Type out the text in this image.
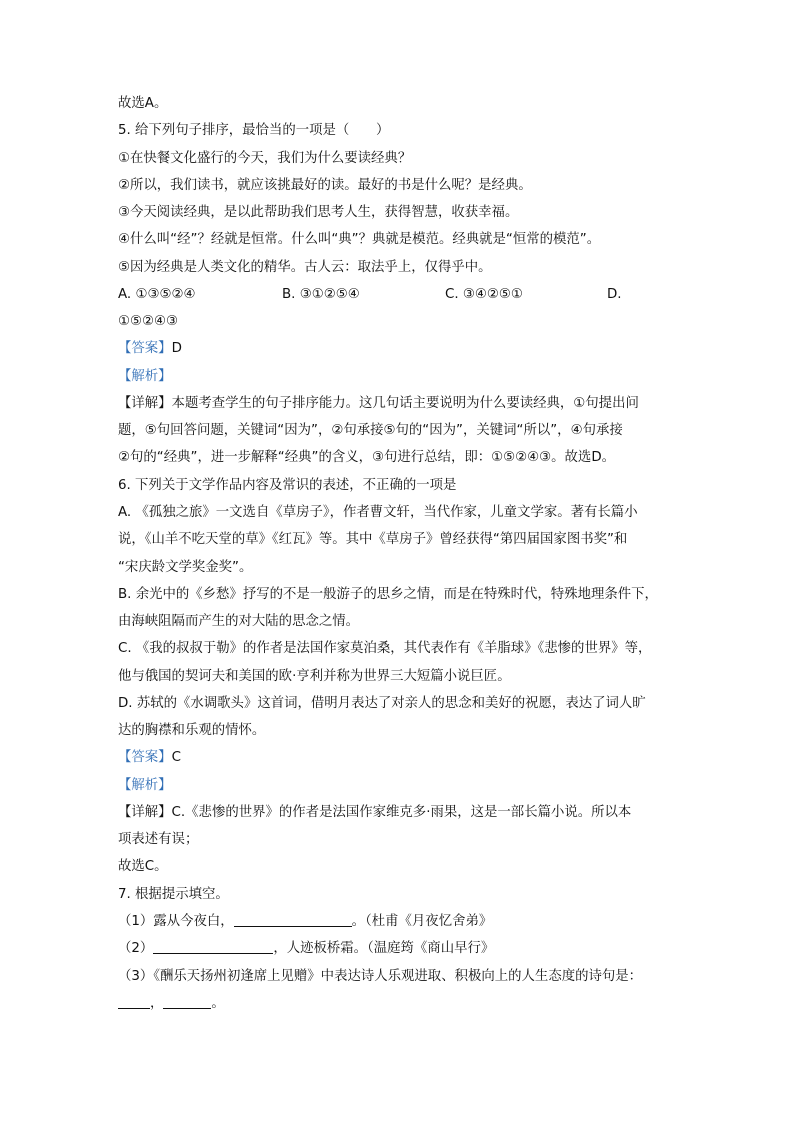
故选A。
5. 给下列句子排序，最恰当的一项是（　　）
①在快餐文化盛行的今天，我们为什么要读经典？
②所以，我们读书，就应该挑最好的读。最好的书是什么呢？是经典。
③今天阅读经典，是以此帮助我们思考人生，获得智慧，收获幸福。
④什么叫“经”？经就是恒常。什么叫“典”？典就是模范。经典就是“恒常的模范”。
⑤因为经典是人类文化的精华。古人云：取法乎上，仅得乎中。
A. ①③⑤②④	B. ③①②⑤④	C. ③④②⑤①	D.
①⑤②④③
【答案】D
【解析】
【详解】本题考查学生的句子排序能力。这几句话主要说明为什么要读经典，①句提出问
题，⑤句回答问题，关键词“因为”，②句承接⑤句的“因为”，关键词“所以”，④句承接
②句的“经典”，进一步解释“经典”的含义，③句进行总结，即：①⑤②④③。故选D。
6. 下列关于文学作品内容及常识的表述，不正确的一项是
A. 《孤独之旅》一文选自《草房子》，作者曹文轩，当代作家，儿童文学家。著有长篇小
说，《山羊不吃天堂的草》《红瓦》等。其中《草房子》曾经获得“第四届国家图书奖”和
“宋庆龄文学奖金奖”。
B. 余光中的《乡愁》抒写的不是一般游子的思乡之情，而是在特殊时代，特殊地理条件下，
由海峡阻隔而产生的对大陆的思念之情。
C. 《我的叔叔于勒》的作者是法国作家莫泊桑，其代表作有《羊脂球》《悲惨的世界》等，
他与俄国的契诃夫和美国的欧·亨利并称为世界三大短篇小说巨匠。
D. 苏轼的《水调歌头》这首词，借明月表达了对亲人的思念和美好的祝愿，表达了词人旷
达的胸襟和乐观的情怀。
【答案】C
【解析】
【详解】C.《悲惨的世界》的作者是法国作家维克多·雨果，这是一部长篇小说。所以本
项表述有误；
故选C。
7. 根据提示填空。
（1）露从今夜白，	。（杜甫《月夜忆舍弟》
（2）	，人迹板桥霜。（温庭筠《商山早行》
（3）《酬乐天扬州初逢席上见赠》中表达诗人乐观进取、积极向上的人生态度的诗句是：
，	。
